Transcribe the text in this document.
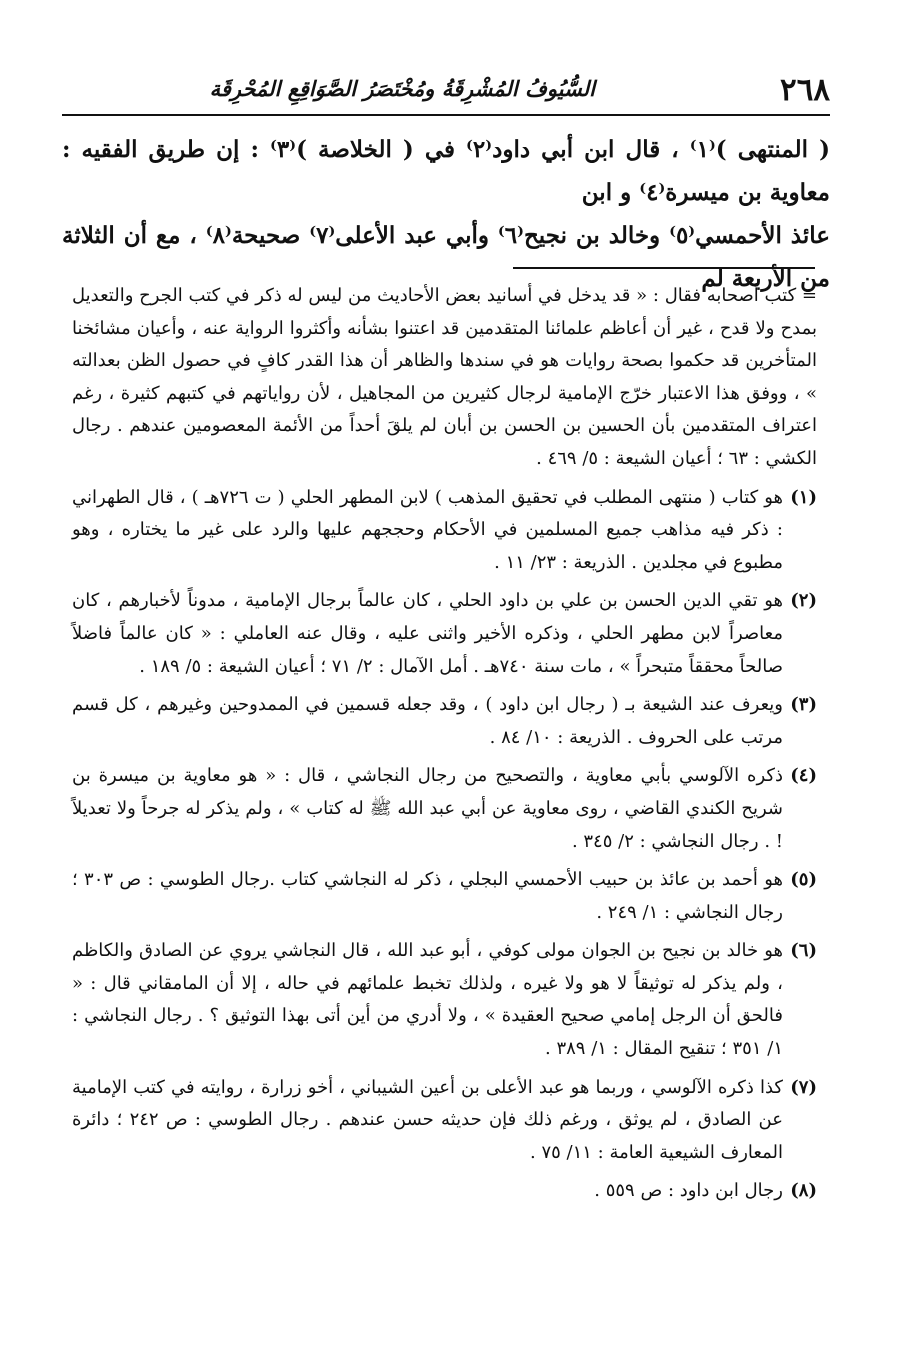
٢٦٨
السُّيُوفُ المُشْرِقَةُ ومُخْتَصَرُ الصَّوَاقِعِ المُحْرِقَة

( المنتهى )⁽١⁾ ، قال ابن أبي داود⁽٢⁾ في ( الخلاصة )⁽٣⁾ : إن طريق الفقيه : معاوية بن ميسرة⁽٤⁾ و ابن

عائذ الأحمسي⁽٥⁾ وخالد بن نجيح⁽٦⁾ وأبي عبد الأعلى⁽٧⁾ صحيحة⁽٨⁾ ، مع أن الثلاثة من الأربعة لم

= كتب أصحابه فقال : « قد يدخل في أسانيد بعض الأحاديث من ليس له ذكر في كتب الجرح والتعديل بمدح ولا قدح ، غير أن أعاظم علمائنا المتقدمين قد اعتنوا بشأنه وأكثروا الرواية عنه ، وأعيان مشائخنا المتأخرين قد حكموا بصحة روايات هو في سندها والظاهر أن هذا القدر كافٍ في حصول الظن بعدالته » ، ووفق هذا الاعتبار خرّج الإمامية لرجال كثيرين من المجاهيل ، لأن رواياتهم في كتبهم كثيرة ، رغم اعتراف المتقدمين بأن الحسين بن الحسن بن أبان لم يلقَ أحداً من الأئمة المعصومين عندهم . رجال الكشي : ٦٣ ؛ أعيان الشيعة : ٥/ ٤٦٩ .

(١)
هو كتاب ( منتهى المطلب في تحقيق المذهب ) لابن المطهر الحلي ( ت ٧٢٦هـ ) ، قال الطهراني : ذكر فيه مذاهب جميع المسلمين في الأحكام وحججهم عليها والرد على غير ما يختاره ، وهو مطبوع في مجلدين . الذريعة : ٢٣/ ١١ .
(٢)
هو تقي الدين الحسن بن علي بن داود الحلي ، كان عالماً برجال الإمامية ، مدوناً لأخبارهم ، كان معاصراً لابن مطهر الحلي ، وذكره الأخير واثنى عليه ، وقال عنه العاملي : « كان عالماً فاضلاً صالحاً محققاً متبحراً » ، مات سنة ٧٤٠هـ . أمل الآمال : ٢/ ٧١ ؛ أعيان الشيعة : ٥/ ١٨٩ .
(٣)
ويعرف عند الشيعة بـ ( رجال ابن داود ) ، وقد جعله قسمين في الممدوحين وغيرهم ، كل قسم مرتب على الحروف . الذريعة : ١٠/ ٨٤ .
(٤)
ذكره الآلوسي بأبي معاوية ، والتصحيح من رجال النجاشي ، قال : « هو معاوية بن ميسرة بن شريح الكندي القاضي ، روى معاوية عن أبي عبد الله ﷺ له كتاب » ، ولم يذكر له جرحاً ولا تعديلاً ! . رجال النجاشي : ٢/ ٣٤٥ .
(٥)
هو أحمد بن عائذ بن حبيب الأحمسي البجلي ، ذكر له النجاشي كتاب .رجال الطوسي : ص ٣٠٣ ؛ رجال النجاشي : ١/ ٢٤٩ .
(٦)
هو خالد بن نجيح بن الجوان مولى كوفي ، أبو عبد الله ، قال النجاشي يروي عن الصادق والكاظم ، ولم يذكر له توثيقاً لا هو ولا غيره ، ولذلك تخبط علمائهم في حاله ، إلا أن المامقاني قال : « فالحق أن الرجل إمامي صحيح العقيدة » ، ولا أدري من أين أتى بهذا التوثيق ؟ . رجال النجاشي : ١/ ٣٥١ ؛ تنقيح المقال : ١/ ٣٨٩ .
(٧)
كذا ذكره الآلوسي ، وربما هو عبد الأعلى بن أعين الشيباني ، أخو زرارة ، روايته في كتب الإمامية عن الصادق ، لم يوثق ، ورغم ذلك فإن حديثه حسن عندهم . رجال الطوسي : ص ٢٤٢ ؛ دائرة المعارف الشيعية العامة : ١١/ ٧٥ .
(٨)
رجال ابن داود : ص ٥٥٩ .
